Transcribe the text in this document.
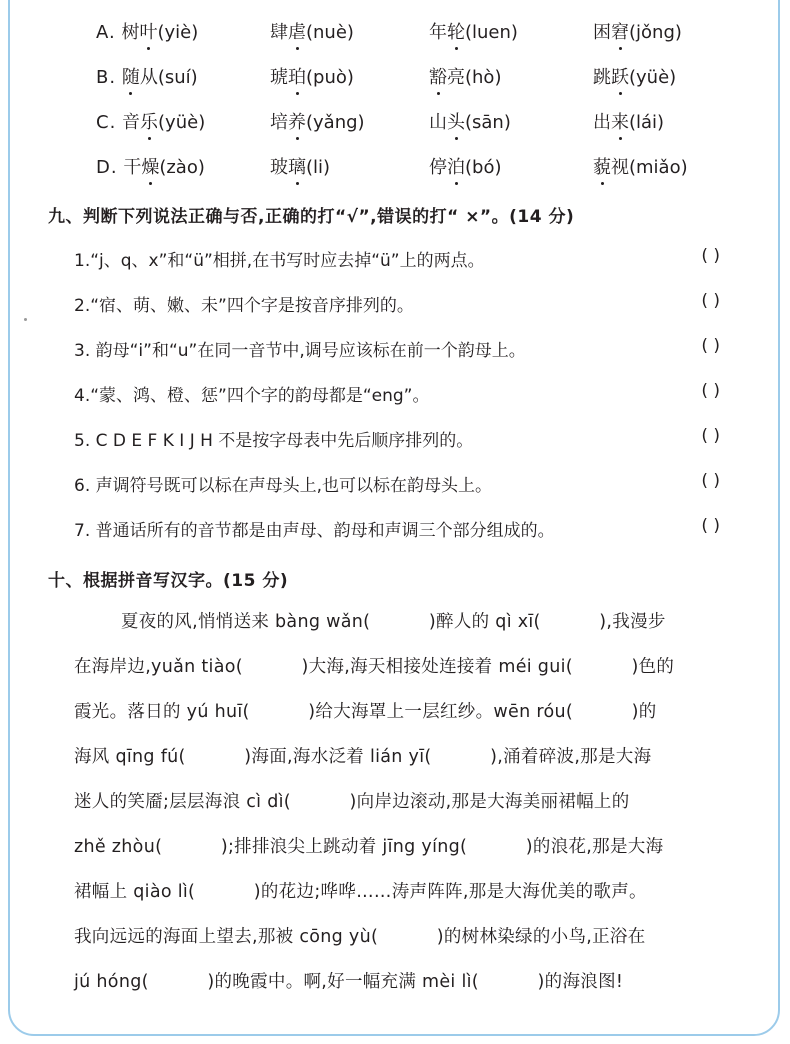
A. 树叶(yiè)	肆虐(nuè)	年轮(luen)	困窘(jǒng)
B. 随从(suí)	琥珀(può)	豁亮(hò)	跳跃(yüè)
C. 音乐(yüè)	培养(yǎng)	山头(sān)	出来(lái)
D. 干燥(zào)	玻璃(li)	停泊(bó)	藐视(miǎo)
九、判断下列说法正确与否,正确的打“√”,错误的打“ ×”。(14 分)
1.“j、q、x”和“ü”相拼,在书写时应去掉“ü”上的两点。	( )
2.“宿、萌、嫩、未”四个字是按音序排列的。	( )
3. 韵母“i”和“u”在同一音节中,调号应该标在前一个韵母上。	( )
4.“蒙、鸿、橙、惩”四个字的韵母都是“eng”。	( )
5. C D E F K I J H 不是按字母表中先后顺序排列的。	( )
6. 声调符号既可以标在声母头上,也可以标在韵母头上。	( )
7. 普通话所有的音节都是由声母、韵母和声调三个部分组成的。	( )
十、根据拼音写汉字。(15 分)
夏夜的风,悄悄送来 bàng wǎn(          )醉人的 qì xī(          ),我漫步
在海岸边,yuǎn tiào(          )大海,海天相接处连接着 méi gui(          )色的
霞光。落日的 yú huī(          )给大海罩上一层红纱。wēn róu(          )的
海风 qīng fú(          )海面,海水泛着 lián yī(          ),涌着碎波,那是大海
迷人的笑靥;层层海浪 cì dì(          )向岸边滚动,那是大海美丽裙幅上的
zhě zhòu(          );排排浪尖上跳动着 jīng yíng(          )的浪花,那是大海
裙幅上 qiào lì(          )的花边;哗哗……涛声阵阵,那是大海优美的歌声。
我向远远的海面上望去,那被 cōng yù(          )的树林染绿的小鸟,正浴在
jú hóng(          )的晚霞中。啊,好一幅充满 mèi lì(          )的海浪图!
